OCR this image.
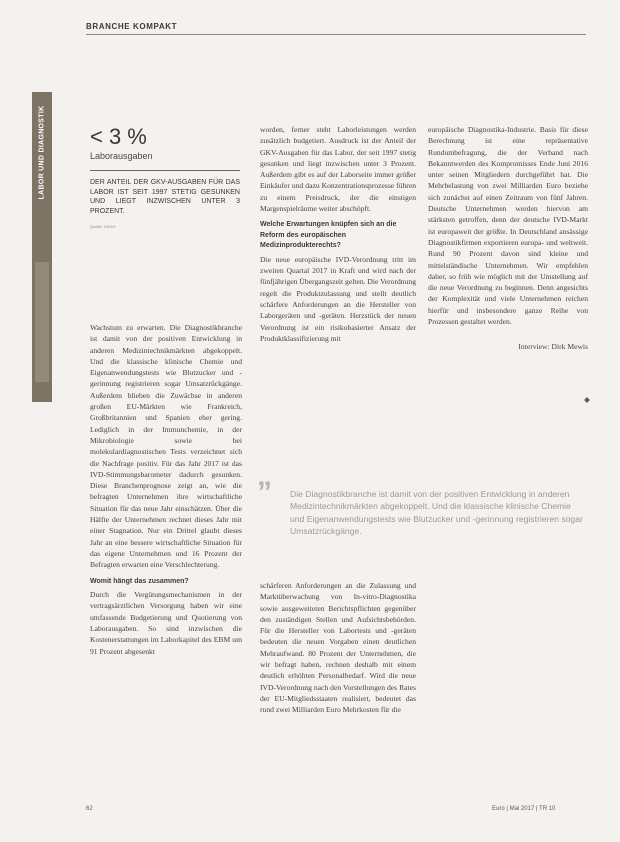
BRANCHE KOMPAKT
LABOR UND DIAGNOSTIK < 3 %
Laborausgaben
DER ANTEIL DER GKV-AUSGABEN FÜR DAS LABOR IST SEIT 1997 STETIG GESUNKEN UND LIEGT INZWISCHEN UNTER 3 PROZENT.
Quelle: VDGH

Wachstum zu erwarten. Die Diagnostikbranche ist damit von der positiven Entwicklung in anderen Medizintechnikmärkten abgekoppelt. Und die klassische klinische Chemie und Eigenanwendungstests wie Blutzucker und -gerinnung registrieren sogar Umsatzrückgänge. Außerdem blieben die Zuwächse in anderen großen EU-Märkten wie Frankreich, Großbritannien und Spanien eher gering. Lediglich in der Immunchemie, in der Mikrobiologie sowie bei molekulardiagnostischen Tests verzeichnet sich die Nachfrage positiv. Für das Jahr 2017 ist das IVD-Stimmungsbarometer dadurch gesunken. Diese Branchenprognose zeigt an, wie die befragten Unternehmen ihre wirtschaftliche Situation für das neue Jahr einschätzen. Über die Hälfte der Unternehmen rechnet dieses Jahr mit einer Stagnation. Nur ein Drittel glaubt dieses Jahr an eine bessere wirtschaftliche Situation für das eigene Unternehmen und 16 Prozent der Befragten erwarten eine Verschlechterung.

Womit hängt das zusammen?

Durch die Vergütungsmechanismen in der vertragsärztlichen Versorgung haben wir eine umfassende Budgetierung und Quotierung von Laborausgaben. So sind inzwischen die Kostenerstattungen im Laborkapitel des EBM um 91 Prozent abgesenkt

worden, ferner steht Laborleistungen werden zusätzlich budgetiert. Ausdruck ist der Anteil der GKV-Ausgaben für das Labor, der seit 1997 stetig gesunken und liegt inzwischen unter 3 Prozent. Außerdem gibt es auf der Laborseite immer größer Einkäufer und dazu Konzentrationsprozesse führen zu einem Preisdruck, der die einstigen Margenspielräume weiter abschöpft.

Welche Erwartungen knüpfen sich an die Reform des europäischen Medizinprodukterechts?

Die neue europäische IVD-Verordnung tritt im zweiten Quartal 2017 in Kraft und wird nach der fünfjährigen Übergangszeit gelten. Die Verordnung regelt die Produktzulassung und stellt deutlich schärfere Anforderungen an die Hersteller von Laborgeräten und -geräten. Herzstück der neuen Verordnung ist ein risikobasierter Ansatz der Produktklassifizierung mit

europäische Diagnostika-Industrie. Basis für diese Berechnung ist eine repräsentative Rundumbefragung, die der Verband nach Bekanntwerden des Kompromisses Ende Juni 2016 unter seinen Mitgliedern durchgeführt hat. Die Mehrbelastung von zwei Milliarden Euro beziehe sich zunächst auf einen Zeitraum von fünf Jahren. Deutsche Unternehmen werden hiervon am stärksten getroffen, denn der deutsche IVD-Markt ist europaweit der größte. In Deutschland ansässige Diagnostikfirmen exportieren europa- und weltweit. Rund 90 Prozent davon sind kleine und mittelständische Unternehmen. Wir empfehlen daher, so früh wie möglich mit der Umstellung auf die neue Verordnung zu beginnen. Denn angesichts der Komplexität und viele Unternehmen reichen hierfür und insbesondere ganze Reihe von Prozessen gestaltet werden.

Interview: Dirk Mewis
” Die Diagnostikbranche ist damit von der positiven Entwicklung in anderen Medizintechnikmärkten abgekoppelt. Und die klassische klinische Chemie und Eigenanwendungstests wie Blutzucker und -gerinnung registrieren sogar Umsatzrückgänge.

schärferen Anforderungen an die Zulassung und Marktüberwachung von In-vitro-Diagnostika sowie ausgeweiteten Berichtspflichten gegenüber den zuständigen Stellen und Aufsichtsbehörden. Für die Hersteller von Labortests und -geräten bedeuten die neuen Vorgaben einen deutlichen Mehraufwand. 80 Prozent der Unternehmen, die wir befragt haben, rechnen deshalb mit einem deutlich erhöhten Personalbedarf. Wird die neue IVD-Verordnung nach den Vorstellungen des Rates der EU-Mitgliedsstaaten realisiert, bedeutet das rund zwei Milliarden Euro Mehrkosten für die

62	Euro | Mai 2017 | TR 10
